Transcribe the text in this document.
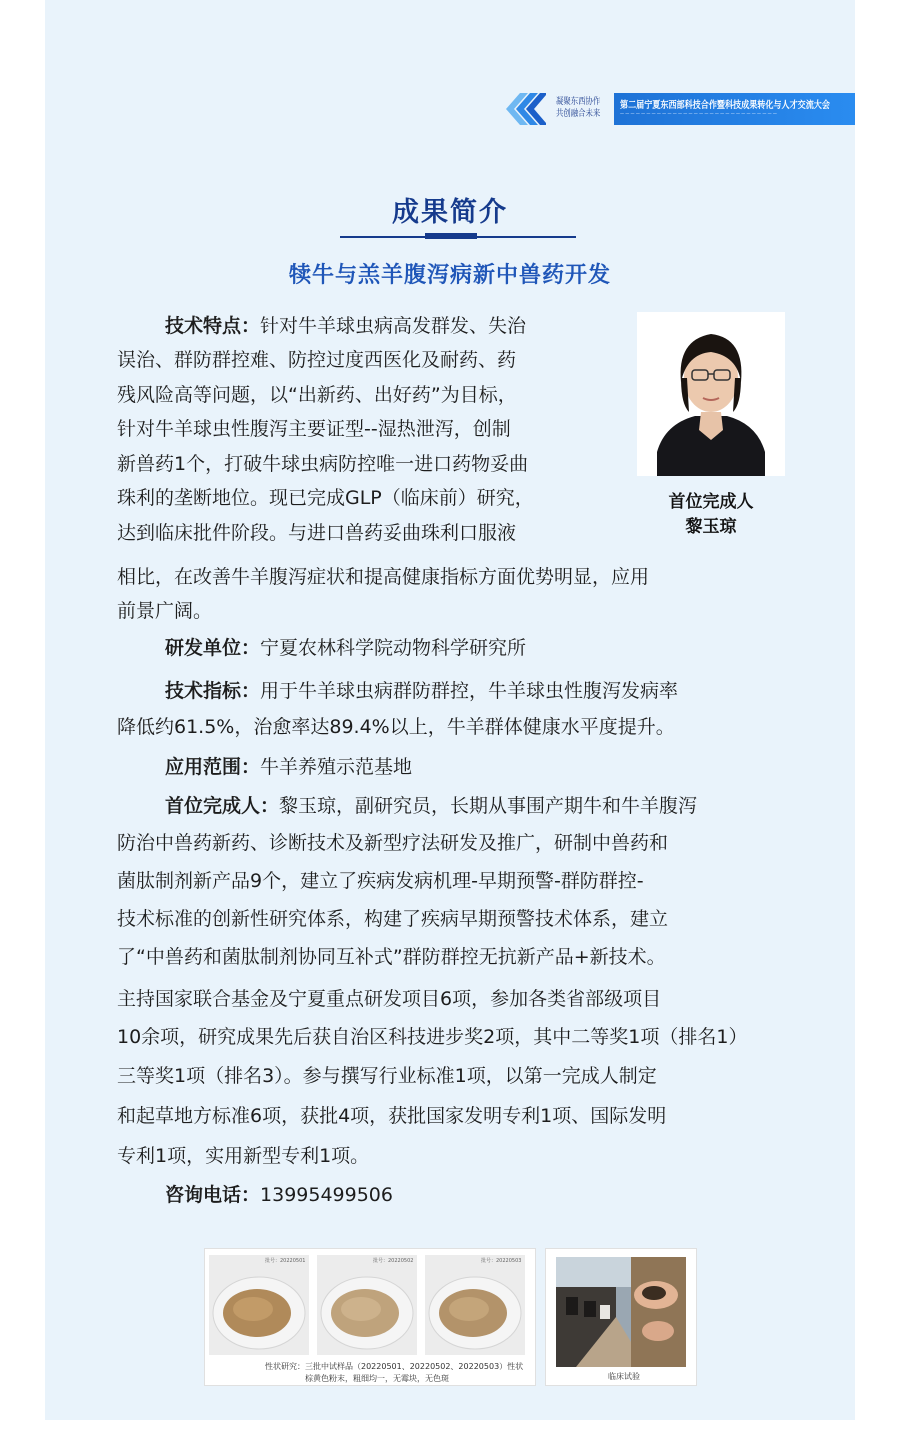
凝聚东西协作
共创融合未来
第二届宁夏东西部科技合作暨科技成果转化与人才交流大会
— — — — — — — — — — — — — — — — — — — — — — — — — — — — — —
成果简介
犊牛与羔羊腹泻病新中兽药开发
技术特点：针对牛羊球虫病高发群发、失治
误治、群防群控难、防控过度西医化及耐药、药
残风险高等问题，以“出新药、出好药”为目标，
针对牛羊球虫性腹泻主要证型--湿热泄泻，创制
新兽药1个，打破牛球虫病防控唯一进口药物妥曲
珠利的垄断地位。现已完成GLP（临床前）研究，
达到临床批件阶段。与进口兽药妥曲珠利口服液
相比，在改善牛羊腹泻症状和提高健康指标方面优势明显，应用
前景广阔。
首位完成人
黎玉琼
研发单位：宁夏农林科学院动物科学研究所
技术指标：用于牛羊球虫病群防群控，牛羊球虫性腹泻发病率
降低约61.5%，治愈率达89.4%以上，牛羊群体健康水平度提升。
应用范围：牛羊养殖示范基地
首位完成人：黎玉琼，副研究员，长期从事围产期牛和牛羊腹泻
防治中兽药新药、诊断技术及新型疗法研发及推广，研制中兽药和
菌肽制剂新产品9个，建立了疾病发病机理-早期预警-群防群控-
技术标准的创新性研究体系，构建了疾病早期预警技术体系，建立
了“中兽药和菌肽制剂协同互补式”群防群控无抗新产品+新技术。
主持国家联合基金及宁夏重点研发项目6项，参加各类省部级项目
10余项，研究成果先后获自治区科技进步奖2项，其中二等奖1项（排名1）
三等奖1项（排名3）。参与撰写行业标准1项，以第一完成人制定
和起草地方标准6项，获批4项，获批国家发明专利1项、国际发明
专利1项，实用新型专利1项。
咨询电话：13995499506
批号：20220501	批号：20220502	批号：20220503
性状研究：三批中试样品（20220501、20220502、20220503）性状
棕黄色粉末，粗细均一，无霉块，无色斑	临床试验
